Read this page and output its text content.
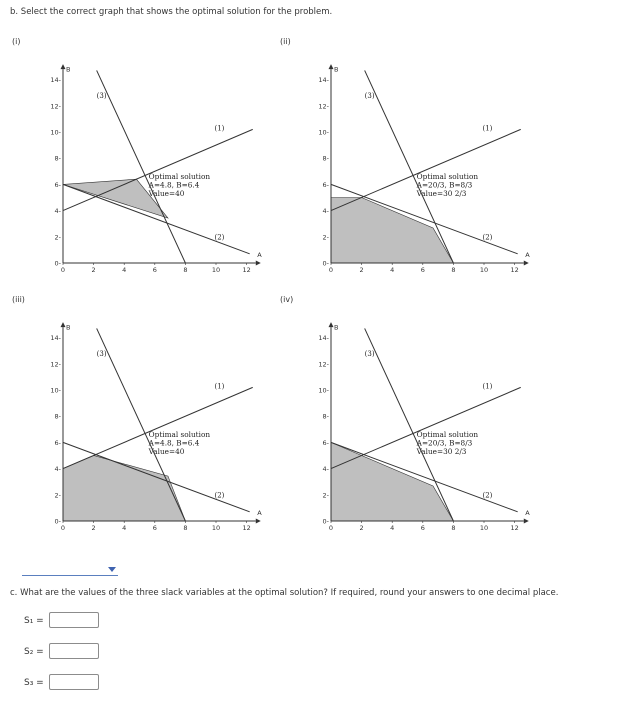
b. Select the correct graph that shows the optimal solution for the problem.
(i)
A
B
0	2	4	6	8	10	12
0-
2-
4-
6-
8-
10-
12-
14-
(1)
(2)
(3)
Optimal solution
A=4.8, B=6.4
Value=40
(ii)
A
B
0	2	4	6	8	10	12
0-
2-
4-
6-
8-
10-
12-
14-
(1)
(2)
(3)
Optimal solution
A=20/3, B=8/3
Value=30 2/3
(iii)
A
B
0	2	4	6	8	10	12
0-
2-
4-
6-
8-
10-
12-
14-
(1)
(2)
(3)
Optimal solution
A=4.8, B=6.4
Value=40
(iv)
A
B
0	2	4	6	8	10	12
0-
2-
4-
6-
8-
10-
12-
14-
(1)
(2)
(3)
Optimal solution
A=20/3, B=8/3
Value=30 2/3
c. What are the values of the three slack variables at the optimal solution? If required, round your answers to one decimal place.
S₁ =
S₂ =
S₃ =
